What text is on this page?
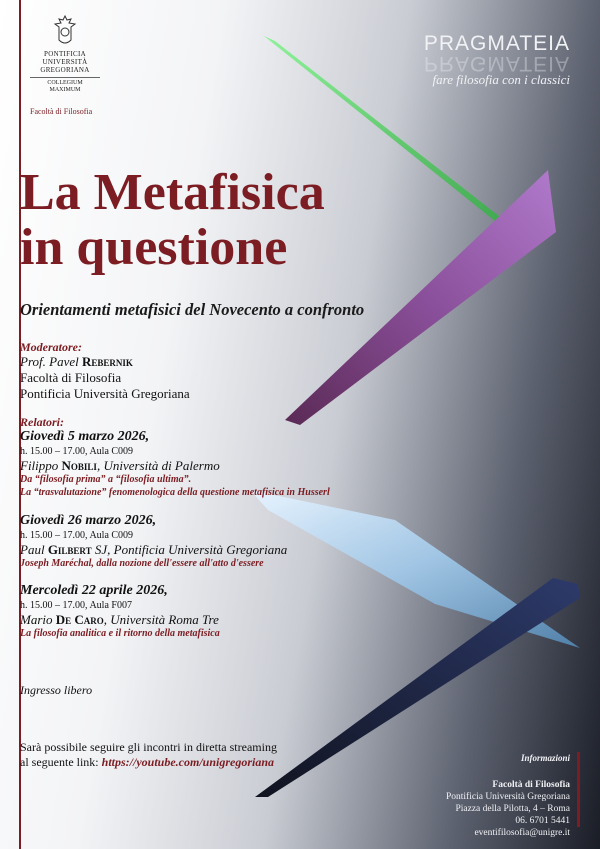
PONTIFICIA
UNIVERSITÀ
GREGORIANA
COLLEGIUM
MAXIMUM
Facoltà di Filosofia
PRAGMATEIA
PRAGMATEIA
fare filosofia con i classici
La Metafisica
in questione
Orientamenti metafisici del Novecento a confronto
Moderatore:
Prof. Pavel Rebernik
Facoltà di Filosofia
Pontificia Università Gregoriana
Relatori:
Giovedì 5 marzo 2026,
h. 15.00 – 17.00, Aula C009
Filippo Nobili, Università di Palermo
Da “filosofia prima” a “filosofia ultima”.
La “trasvalutazione” fenomenologica della questione metafisica in Husserl
Giovedì 26 marzo 2026,
h. 15.00 – 17.00, Aula C009
Paul Gilbert SJ, Pontificia Università Gregoriana
Joseph Maréchal, dalla nozione dell'essere all'atto d'essere
Mercoledì 22 aprile 2026,
h. 15.00 – 17.00, Aula F007
Mario De Caro, Università Roma Tre
La filosofia analitica e il ritorno della metafisica
Ingresso libero
Sarà possibile seguire gli incontri in diretta streaming
al seguente link: https://youtube.com/unigregoriana	Informazioni
Facoltà di Filosofia
Pontificia Università Gregoriana
Piazza della Pilotta, 4 – Roma
06. 6701 5441
eventifilosofia@unigre.it
